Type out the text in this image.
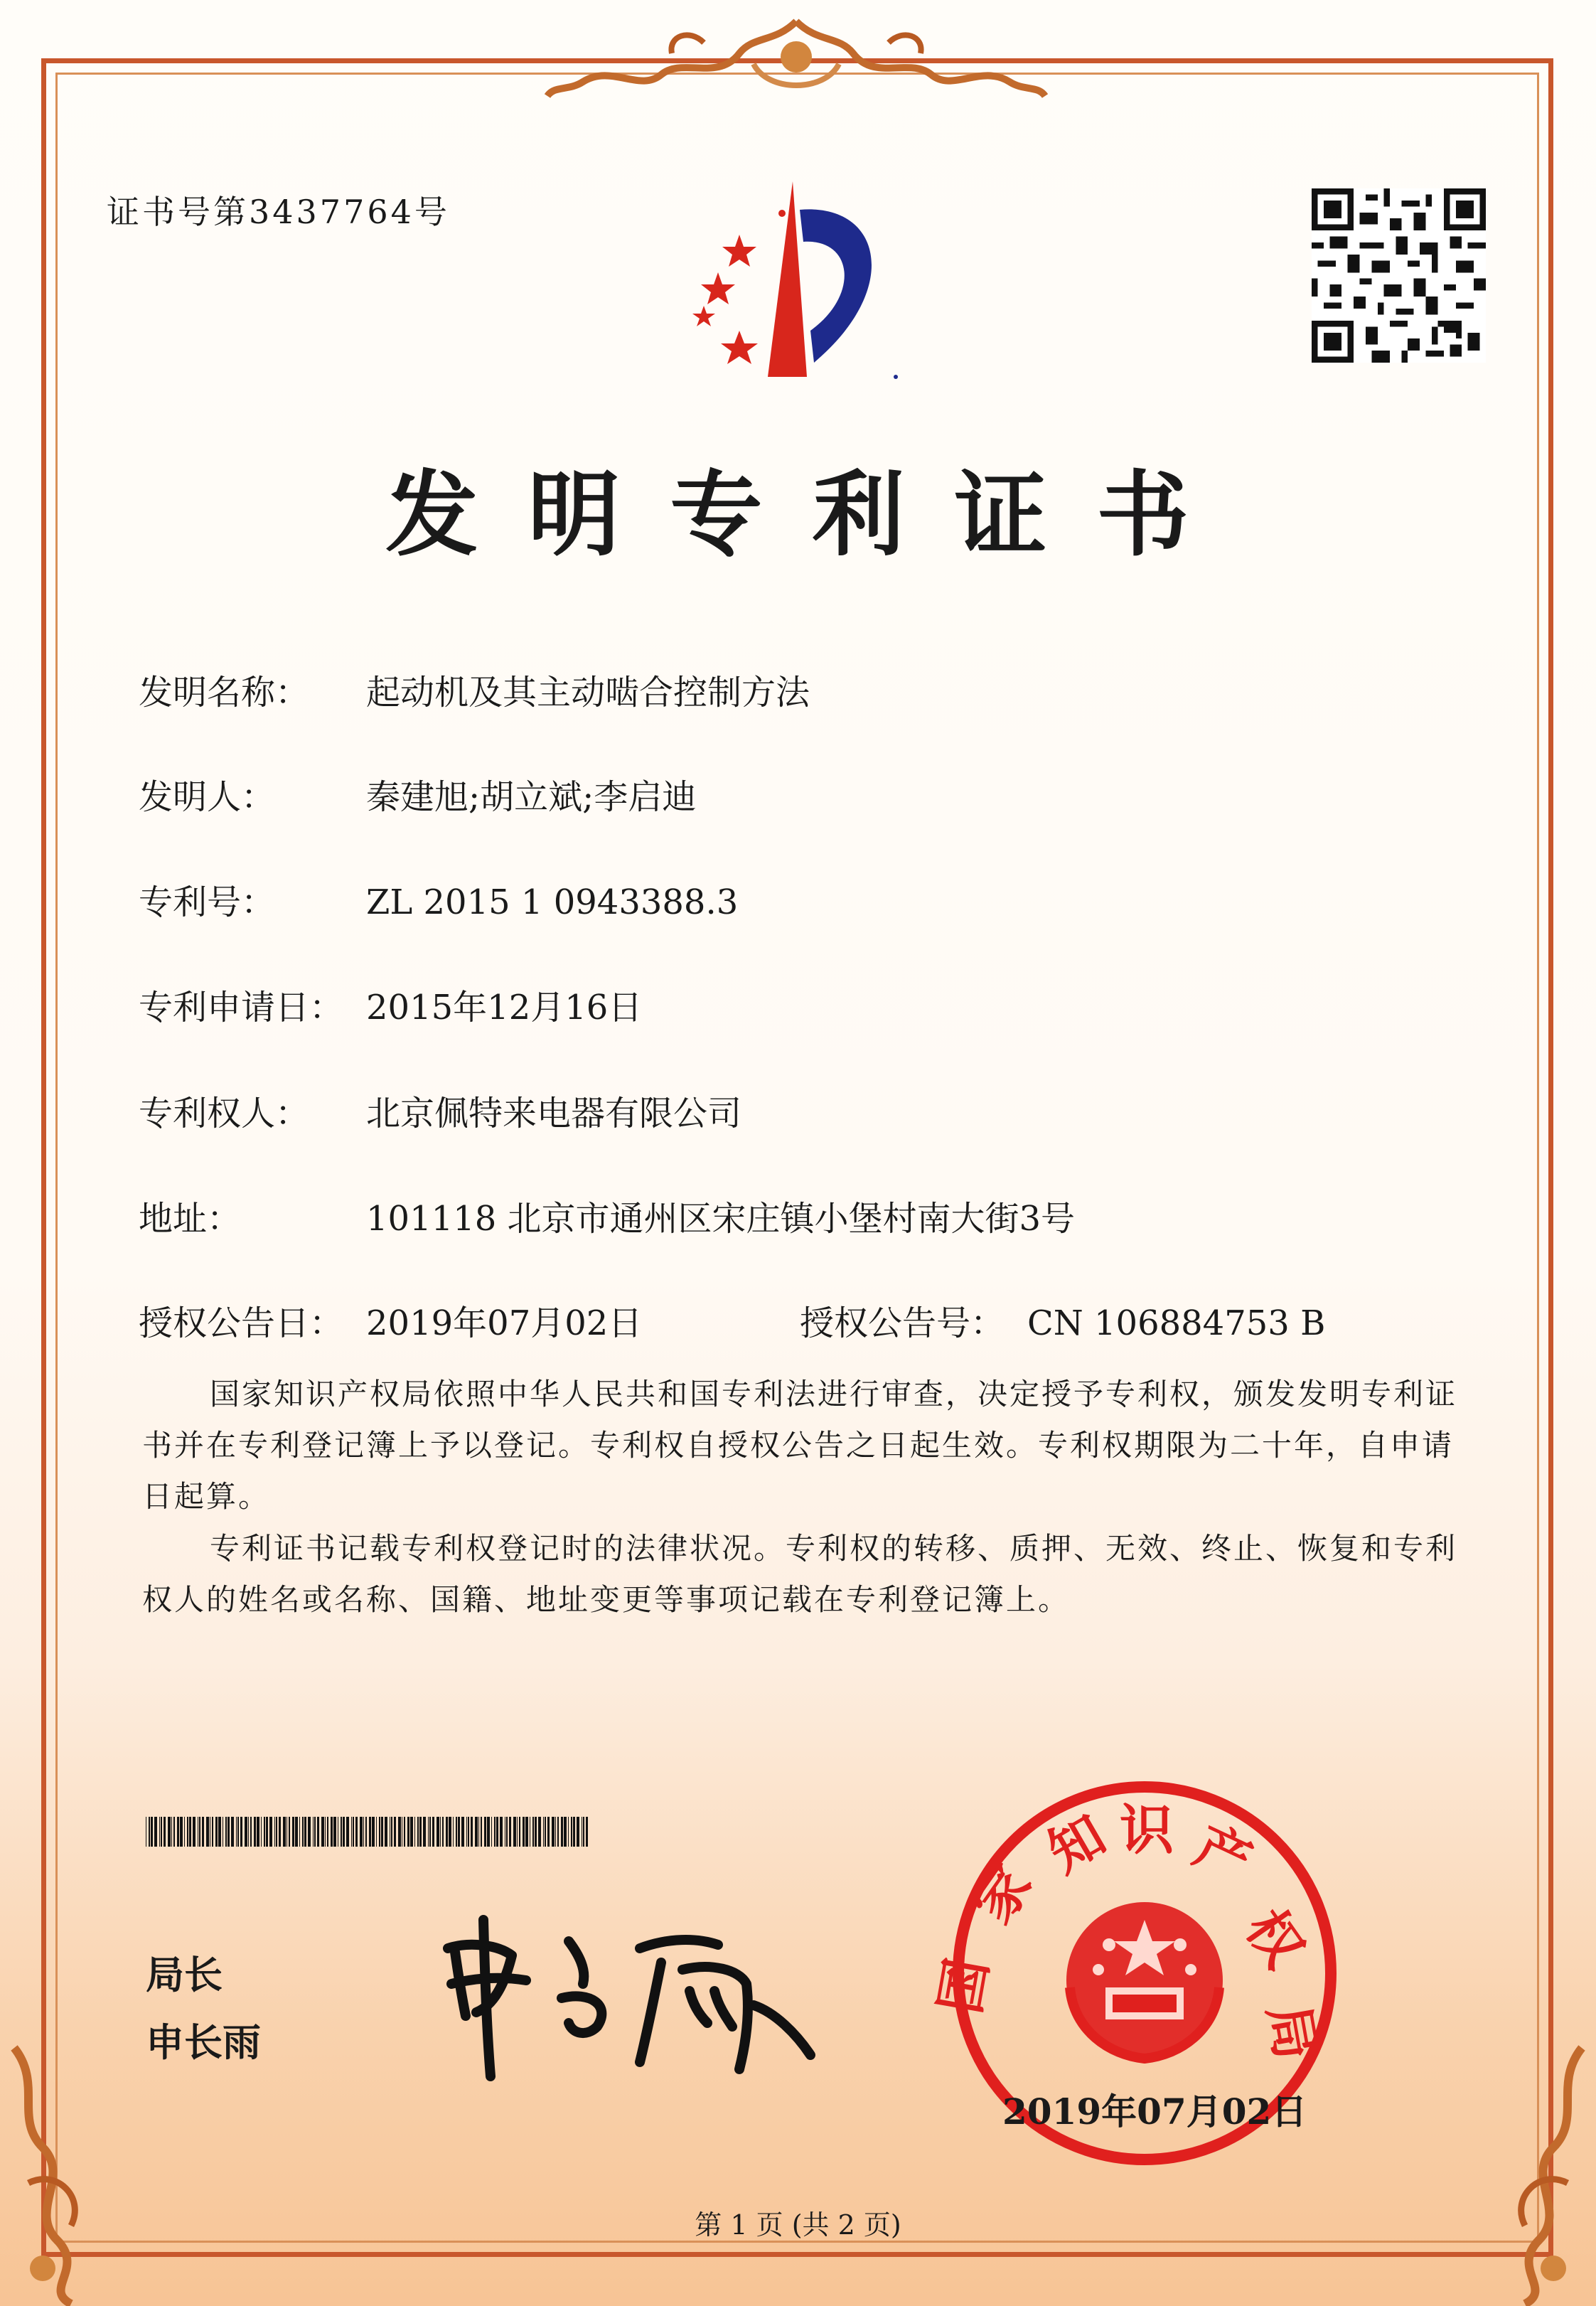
证书号第3437764号
发明专利证书
发明名称： 起动机及其主动啮合控制方法
发明人：	秦建旭;胡立斌;李启迪
专利号：	ZL 2015 1 0943388.3
专利申请日： 2015年12月16日
专利权人： 北京佩特来电器有限公司
地址：	101118 北京市通州区宋庄镇小堡村南大街3号
授权公告日： 2019年07月02日	授权公告号： CN 106884753 B
国家知识产权局依照中华人民共和国专利法进行审查，决定授予专利权，颁发发明专利证书并在专利登记簿上予以登记。专利权自授权公告之日起生效。专利权期限为二十年，自申请日起算。
专利证书记载专利权登记时的法律状况。专利权的转移、质押、无效、终止、恢复和专利权人的姓名或名称、国籍、地址变更等事项记载在专利登记簿上。
局长
申长雨
知 识 产
权
局
家
国
2019年07月02日
第 1 页 (共 2 页)
